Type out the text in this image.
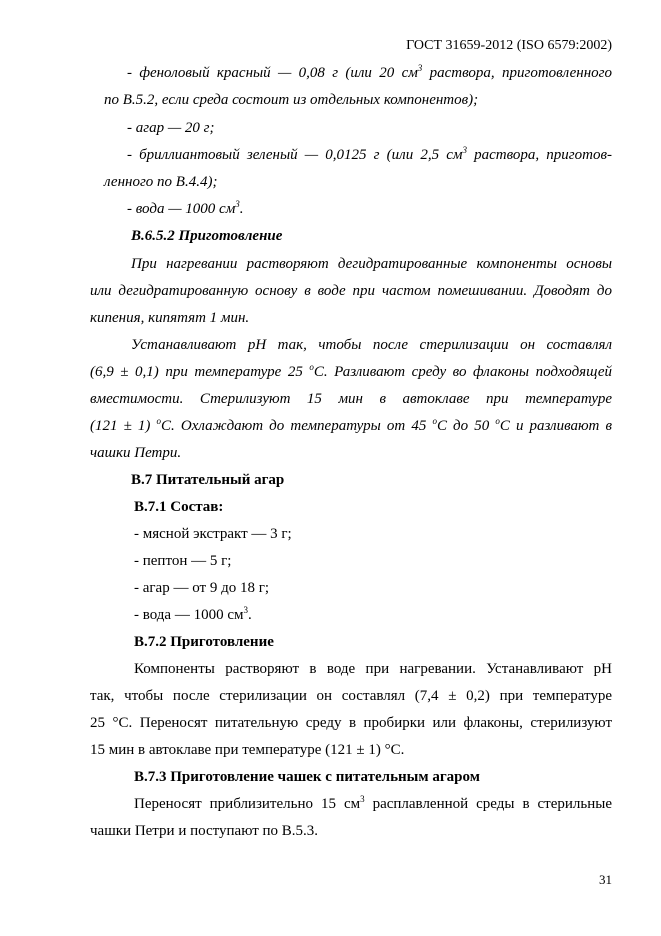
ГОСТ 31659-2012 (ISO 6579:2002)
- феноловый красный — 0,08 г (или 20 $см^3$ раствора, приготовленного
по В.5.2, если среда состоит из отдельных компонентов);
- агар — 20 г;
- бриллиантовый зеленый — 0,0125 г (или 2,5 $см^3$ раствора, приготов-
ленного по В.4.4);
- вода — 1000 $см^3$.
В.6.5.2 Приготовление
При нагревании растворяют дегидратированные компоненты основы
или дегидратированную основу в воде при частом помешивании. Доводят до
кипения, кипятят 1 мин.
Устанавливают рН так, чтобы после стерилизации он составлял
(6,9 ± 0,1) при температуре 25 $^о$С. Разливают среду во флаконы подходящей
вместимости. Стерилизуют 15 мин в автоклаве при температуре
(121 ± 1) $^о$С. Охлаждают до температуры от 45 $^о$С до 50 $^о$С и разливают в
чашки Петри.
В.7 Питательный агар
В.7.1 Состав:
- мясной экстракт — 3 г;
- пептон — 5 г;
- агар — от 9 до 18 г;
- вода — 1000 $см^3$.
В.7.2 Приготовление
Компоненты растворяют в воде при нагревании. Устанавливают рН
так, чтобы после стерилизации он составлял (7,4 ± 0,2) при температуре
25 °С. Переносят питательную среду в пробирки или флаконы, стерилизуют
15 мин в автоклаве при температуре (121 ± 1) °С.
В.7.3 Приготовление чашек с питательным агаром
Переносят приблизительно 15 $см^3$ расплавленной среды в стерильные
чашки Петри и поступают по В.5.3.
31
